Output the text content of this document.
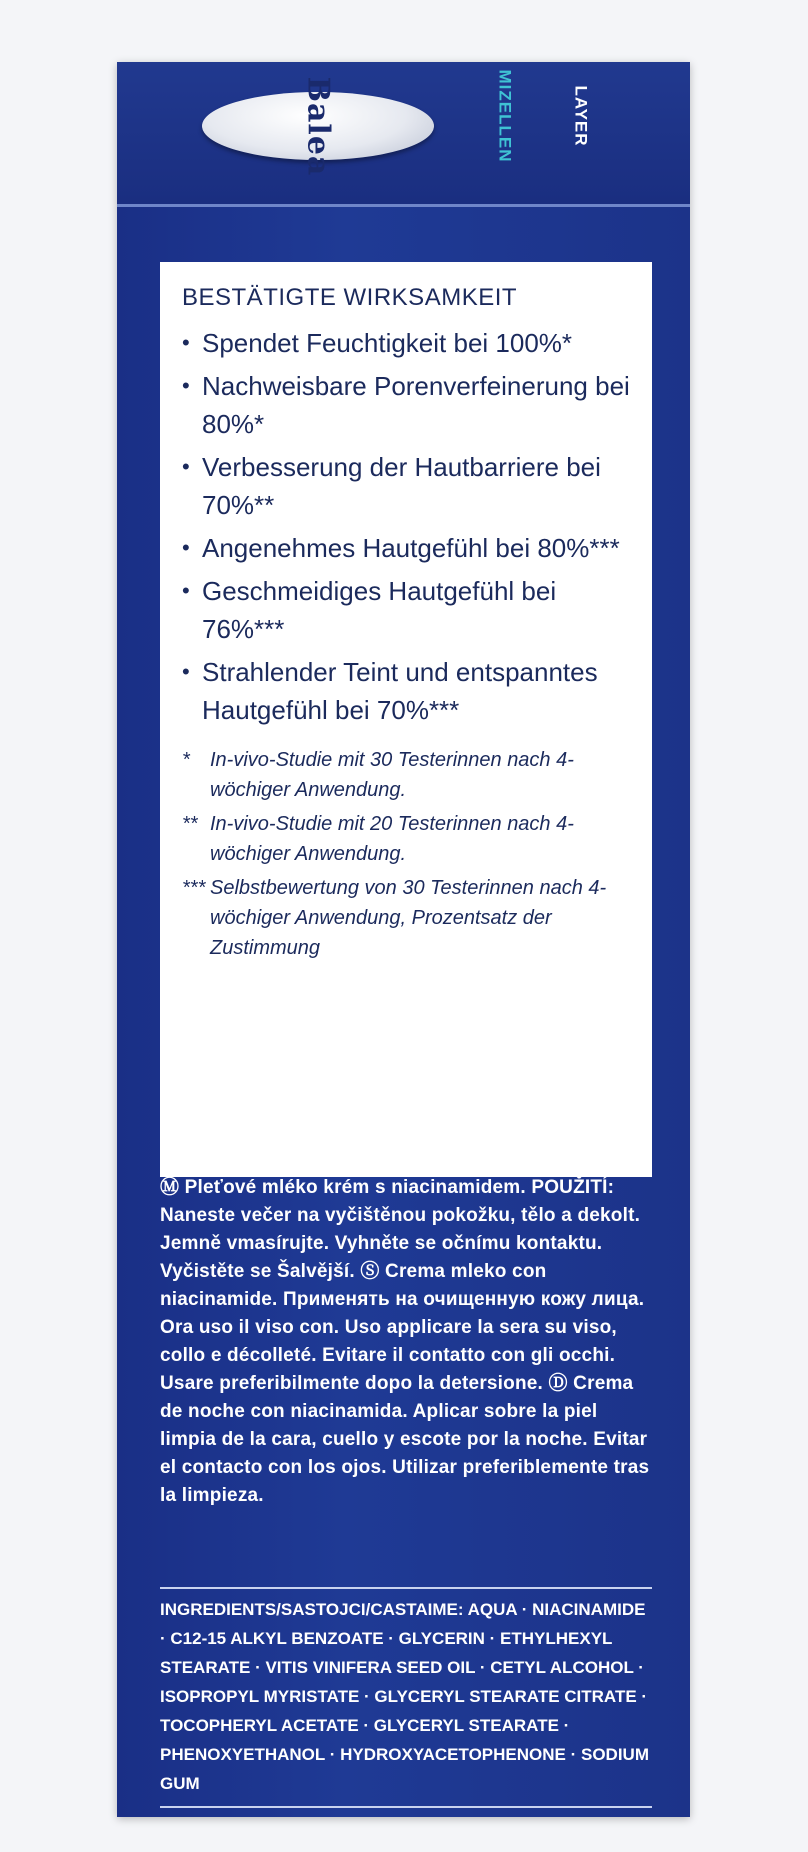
Balea	MIZELLEN	LAYER
BESTÄTIGTE WIRKSAMKEIT
• Spendet Feuchtigkeit bei 100%*
• Nachweisbare Porenverfeinerung bei 80%*
• Verbesserung der Hautbarriere bei 70%**
• Angenehmes Hautgefühl bei 80%***
• Geschmeidiges Hautgefühl bei 76%***
• Strahlender Teint und entspanntes Hautgefühl bei 70%***
* In-vivo-Studie mit 30 Testerinnen nach 4-wöchiger Anwendung.
** In-vivo-Studie mit 20 Testerinnen nach 4-wöchiger Anwendung.
*** Selbstbewertung von 30 Testerinnen nach 4-wöchiger Anwendung, Prozentsatz der Zustimmung
Ⓜ Pleťové mléko krém s niacinamidem. POUŽITÍ: Naneste večer na vyčištěnou pokožku, tělo a dekolt. Jemně vmasírujte. Vyhněte se očnímu kontaktu. Vyčistěte se Šalvější. Ⓢ Crema mleko con niacinamide. Применять на очищенную кожу лица. Ora uso il viso con. Uso applicare la sera su viso, collo e décolleté. Evitare il contatto con gli occhi. Usare preferibilmente dopo la detersione. Ⓓ Crema de noche con niacinamida. Aplicar sobre la piel limpia de la cara, cuello y escote por la noche. Evitar el contacto con los ojos. Utilizar preferiblemente tras la limpieza.
INGREDIENTS/SASTOJCI/CASTAIME: AQUA · NIACINAMIDE · C12-15 ALKYL BENZOATE · GLYCERIN · ETHYLHEXYL STEARATE · VITIS VINIFERA SEED OIL · CETYL ALCOHOL · ISOPROPYL MYRISTATE · GLYCERYL STEARATE CITRATE · TOCOPHERYL ACETATE · GLYCERYL STEARATE · PHENOXYETHANOL · HYDROXYACETOPHENONE · SODIUM GUM
